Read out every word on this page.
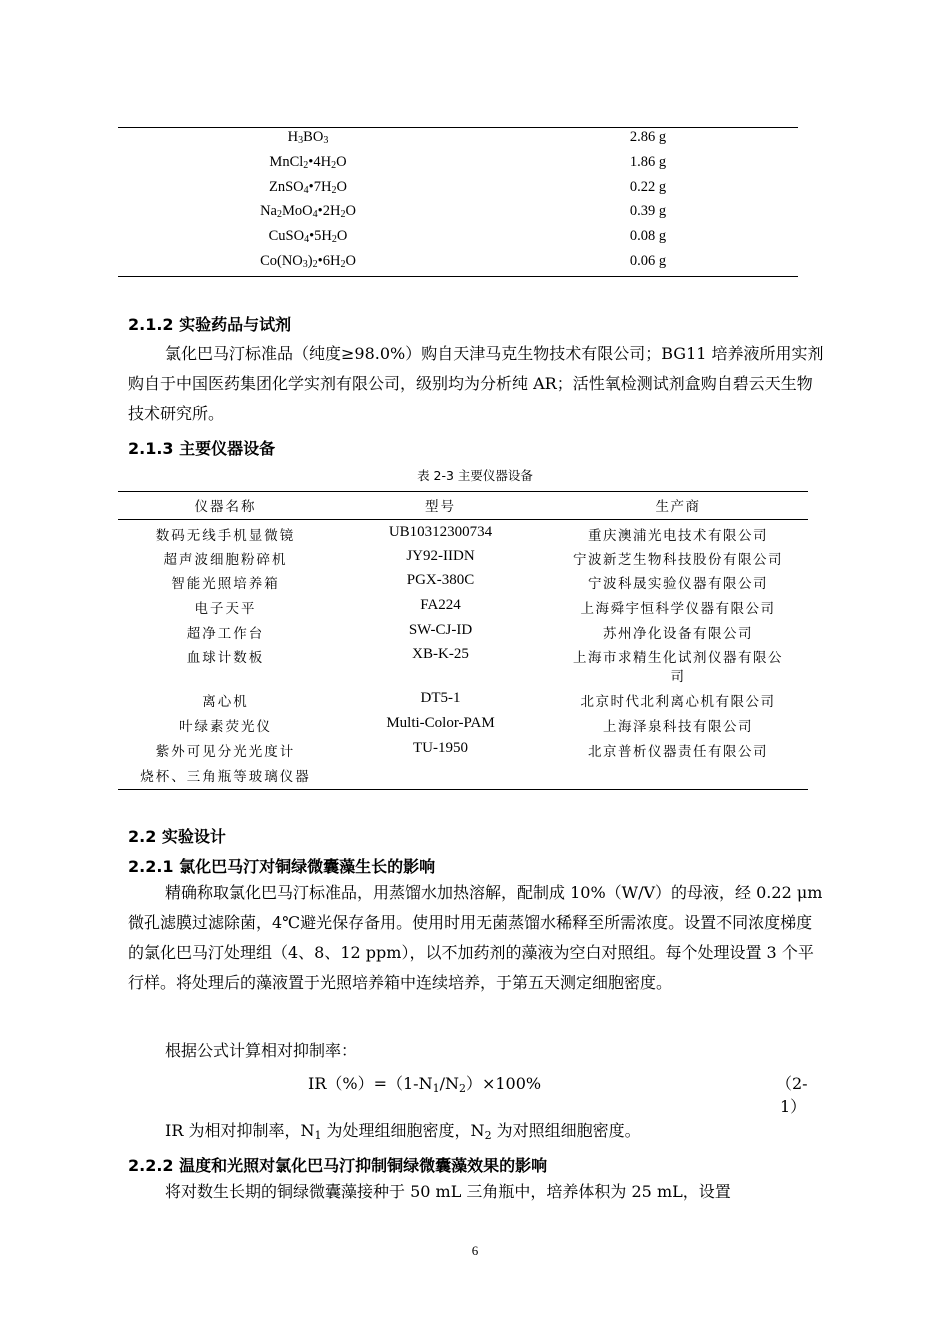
$H_3BO_3$	2.86 g
$MnCl_2•4H_2O$	1.86 g
$ZnSO_4•7H_2O$	0.22 g
$Na_2MoO_4•2H_2O$	0.39 g
$CuSO_4•5H_2O$	0.08 g
$Co(NO_3)_2•6H_2O$	0.06 g
2.1.2 实验药品与试剂
氯化巴马汀标准品（纯度≥98.0%）购自天津马克生物技术有限公司；BG11 培养液所用实剂购自于中国医药集团化学实剂有限公司，级别均为分析纯 AR；活性氧检测试剂盒购自碧云天生物技术研究所。
2.1.3 主要仪器设备
表 2-3 主要仪器设备
仪器名称	型号	生产商
数码无线手机显微镜	UB10312300734	重庆澳浦光电技术有限公司
超声波细胞粉碎机	JY92-IIDN	宁波新芝生物科技股份有限公司
智能光照培养箱	PGX-380C	宁波科晟实验仪器有限公司
电子天平	FA224	上海舜宇恒科学仪器有限公司
超净工作台	SW-CJ-ID	苏州净化设备有限公司
血球计数板	XB-K-25	上海市求精生化试剂仪器有限公
司
离心机	DT5-1	北京时代北利离心机有限公司
叶绿素荧光仪	Multi-Color-PAM	上海泽泉科技有限公司
紫外可见分光光度计	TU-1950	北京普析仪器责任有限公司
烧杯、三角瓶等玻璃仪器
2.2 实验设计
2.2.1 氯化巴马汀对铜绿微囊藻生长的影响
精确称取氯化巴马汀标准品，用蒸馏水加热溶解，配制成 10%（W/V）的母液，经 0.22 μm 微孔滤膜过滤除菌，4℃避光保存备用。使用时用无菌蒸馏水稀释至所需浓度。设置不同浓度梯度的氯化巴马汀处理组（4、8、12 ppm），以不加药剂的藻液为空白对照组。每个处理设置 3 个平行样。将处理后的藻液置于光照培养箱中连续培养，于第五天测定细胞密度。
根据公式计算相对抑制率：
$IR(\%)=(1-N_1/N_2)\times 100\%$	（2-
1）
IR 为相对抑制率，$N_1$ 为处理组细胞密度，$N_2$ 为对照组细胞密度。
2.2.2 温度和光照对氯化巴马汀抑制铜绿微囊藻效果的影响
将对数生长期的铜绿微囊藻接种于 50 mL 三角瓶中，培养体积为 25 mL，设置
6
